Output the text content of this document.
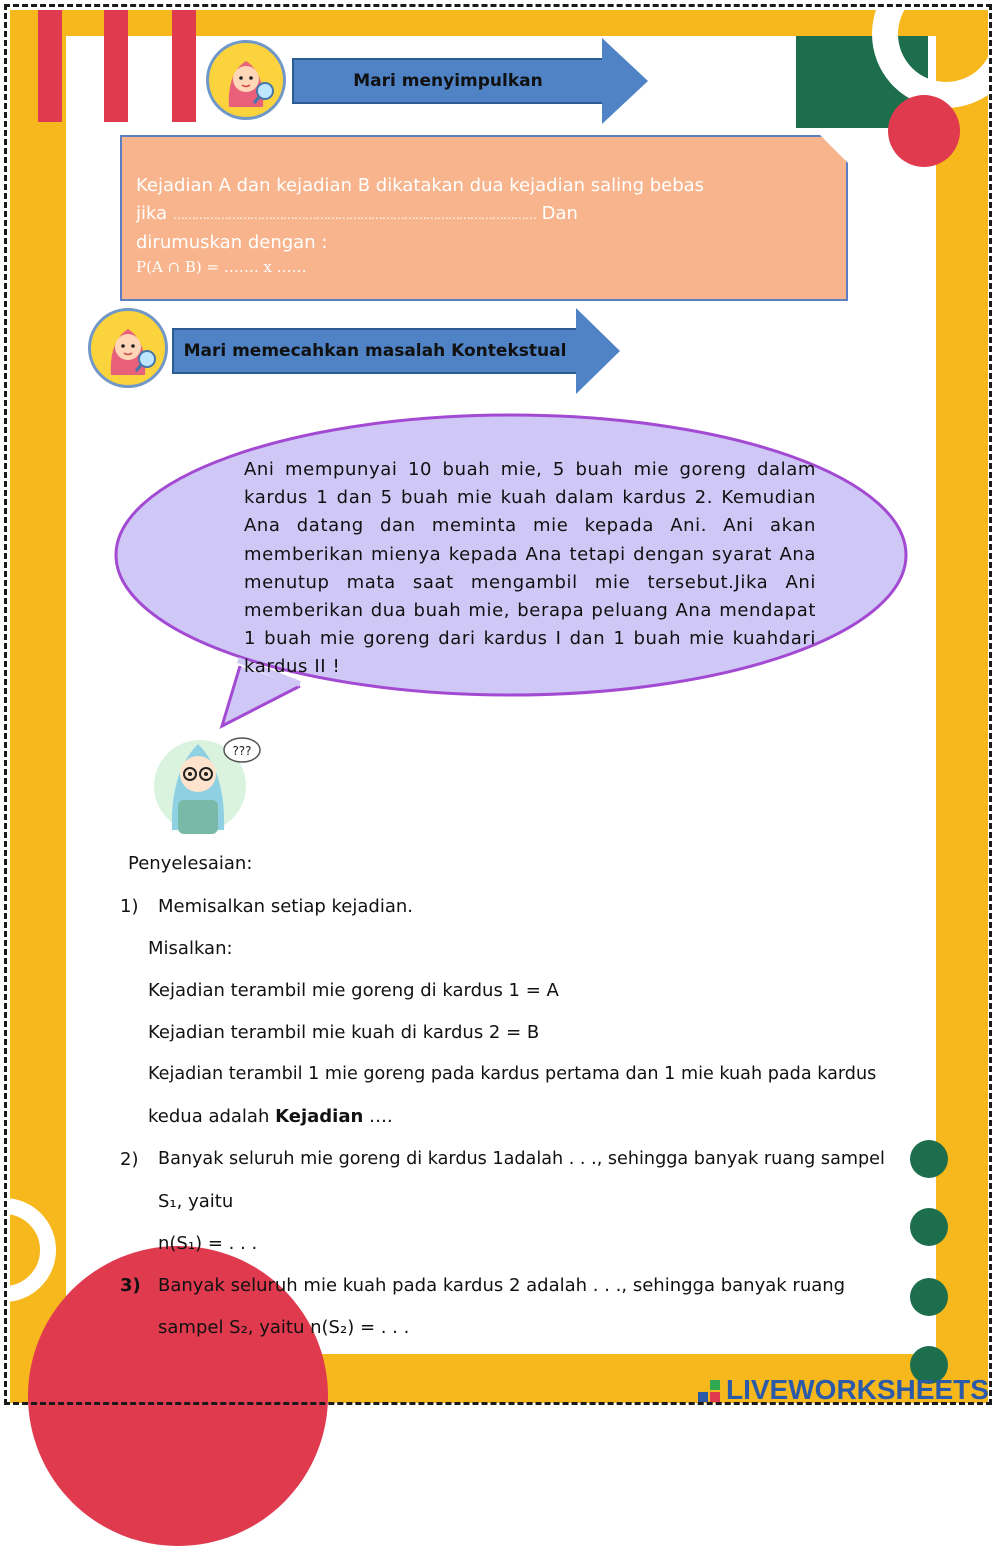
Mari menyimpulkan
Kejadian A dan kejadian B dikatakan dua kejadian saling bebas
jika ……………………………………………………………………………………… Dan
dirumuskan dengan :
P(A ∩ B) = ……. x ……
Mari memecahkan masalah Kontekstual
Ani mempunyai 10 buah mie, 5 buah mie goreng dalam kardus 1 dan 5 buah mie kuah dalam kardus 2. Kemudian Ana datang dan meminta mie kepada Ani. Ani akan memberikan mienya kepada Ana tetapi dengan syarat Ana menutup mata saat mengambil mie tersebut.Jika Ani memberikan dua buah mie, berapa peluang Ana mendapat 1 buah mie goreng dari kardus I dan 1 buah mie kuahdari kardus II !
???
Penyelesaian:
1) Memisalkan setiap kejadian.
Misalkan:
Kejadian terambil mie goreng di kardus 1 = A
Kejadian terambil mie kuah di kardus 2 = B
Kejadian terambil 1 mie goreng pada kardus pertama dan 1 mie kuah pada kardus
kedua adalah Kejadian ….
2) Banyak seluruh mie goreng di kardus 1adalah . . ., sehingga banyak ruang sampel
S₁, yaitu
n(S₁) = . . .
3) Banyak seluruh mie kuah pada kardus 2 adalah . . ., sehingga banyak ruang
sampel S₂, yaitu n(S₂) = . . .
LIVEWORKSHEETS
